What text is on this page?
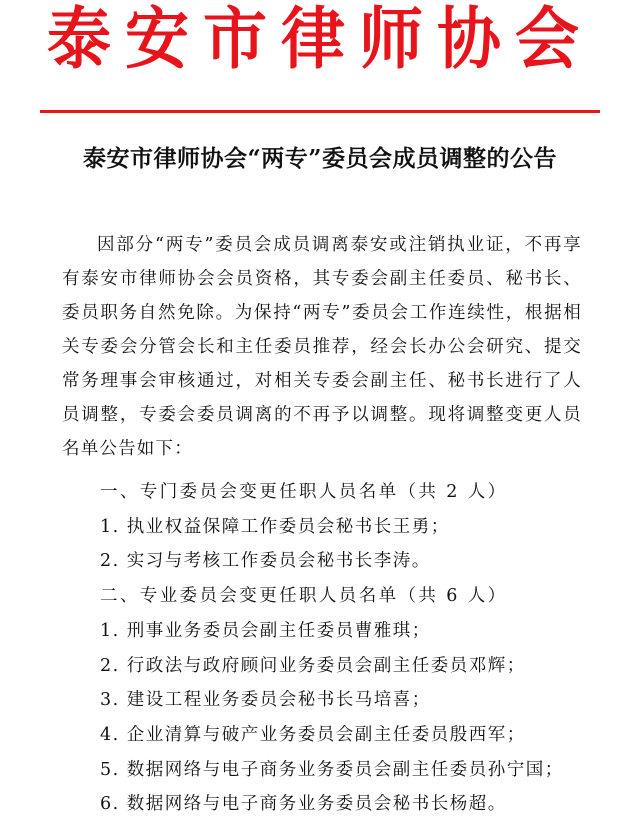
泰安市律师协会
泰安市律师协会“两专”委员会成员调整的公告

因部分“两专”委员会成员调离泰安或注销执业证，不再享有泰安市律师协会会员资格，其专委会副主任委员、秘书长、委员职务自然免除。为保持“两专”委员会工作连续性，根据相关专委会分管会长和主任委员推荐，经会长办公会研究、提交常务理事会审核通过，对相关专委会副主任、秘书长进行了人员调整，专委会委员调离的不再予以调整。现将调整变更人员名单公告如下：

一、专门委员会变更任职人员名单（共 2 人）

1. 执业权益保障工作委员会秘书长王勇；

2. 实习与考核工作委员会秘书长李涛。

二、专业委员会变更任职人员名单（共 6 人）

1. 刑事业务委员会副主任委员曹雅琪；

2. 行政法与政府顾问业务委员会副主任委员邓辉；

3. 建设工程业务委员会秘书长马培喜；

4. 企业清算与破产业务委员会副主任委员殷西军；

5. 数据网络与电子商务业务委员会副主任委员孙宁国；

6. 数据网络与电子商务业务委员会秘书长杨超。
